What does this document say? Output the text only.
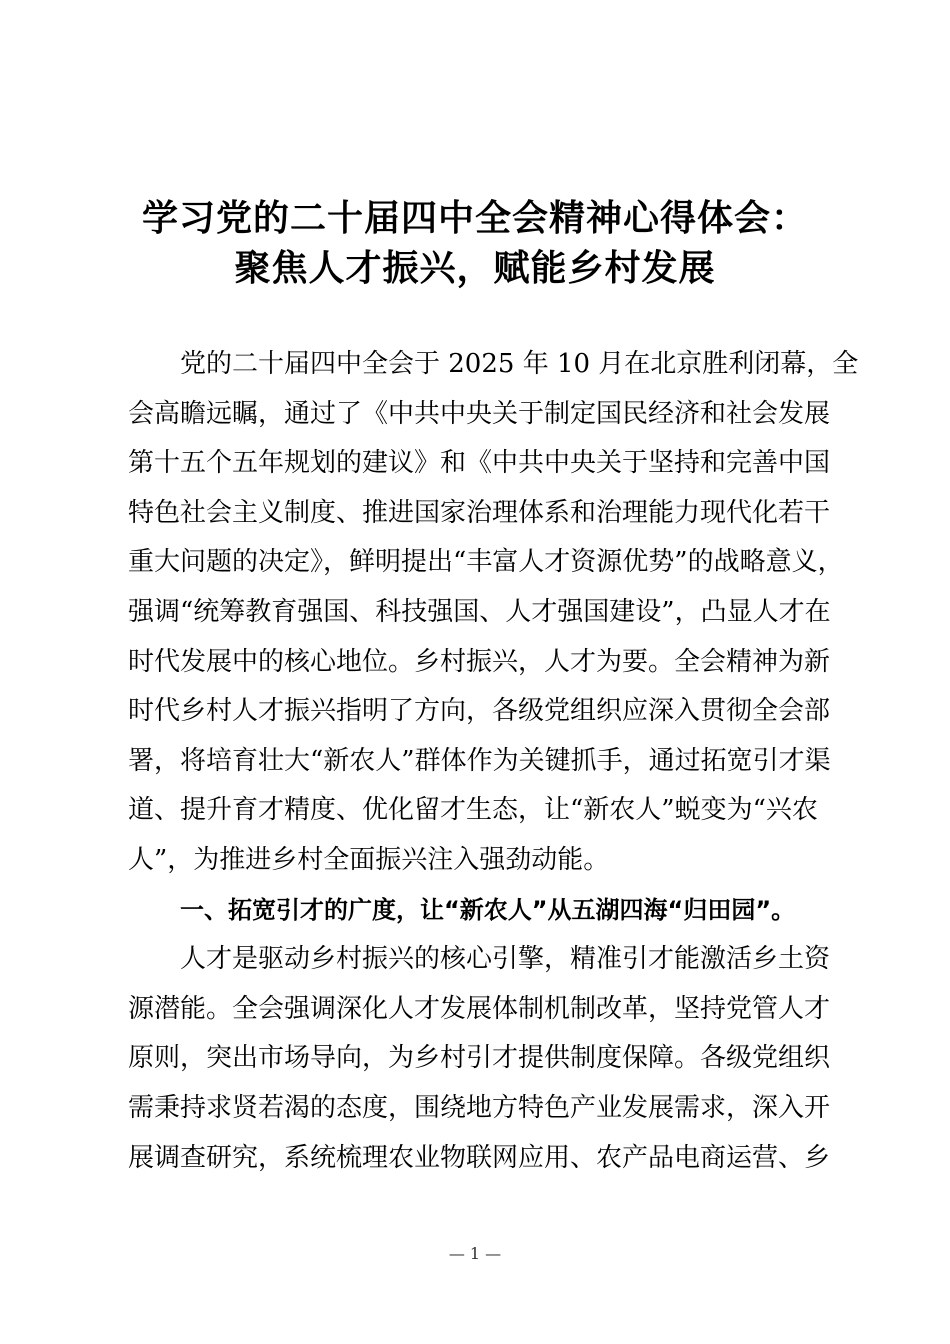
学习党的二十届四中全会精神心得体会：
聚焦人才振兴，赋能乡村发展
党的二十届四中全会于 2025 年 10 月在北京胜利闭幕，全
会高瞻远瞩，通过了《中共中央关于制定国民经济和社会发展
第十五个五年规划的建议》和《中共中央关于坚持和完善中国
特色社会主义制度、推进国家治理体系和治理能力现代化若干
重大问题的决定》，鲜明提出“丰富人才资源优势”的战略意义，
强调“统筹教育强国、科技强国、人才强国建设”，凸显人才在
时代发展中的核心地位。乡村振兴，人才为要。全会精神为新
时代乡村人才振兴指明了方向，各级党组织应深入贯彻全会部
署，将培育壮大“新农人”群体作为关键抓手，通过拓宽引才渠
道、提升育才精度、优化留才生态，让“新农人”蜕变为“兴农
人”，为推进乡村全面振兴注入强劲动能。
一、拓宽引才的广度，让“新农人”从五湖四海“归田园”。
人才是驱动乡村振兴的核心引擎，精准引才能激活乡土资
源潜能。全会强调深化人才发展体制机制改革，坚持党管人才
原则，突出市场导向，为乡村引才提供制度保障。各级党组织
需秉持求贤若渴的态度，围绕地方特色产业发展需求，深入开
展调查研究，系统梳理农业物联网应用、农产品电商运营、乡
— 1 —
